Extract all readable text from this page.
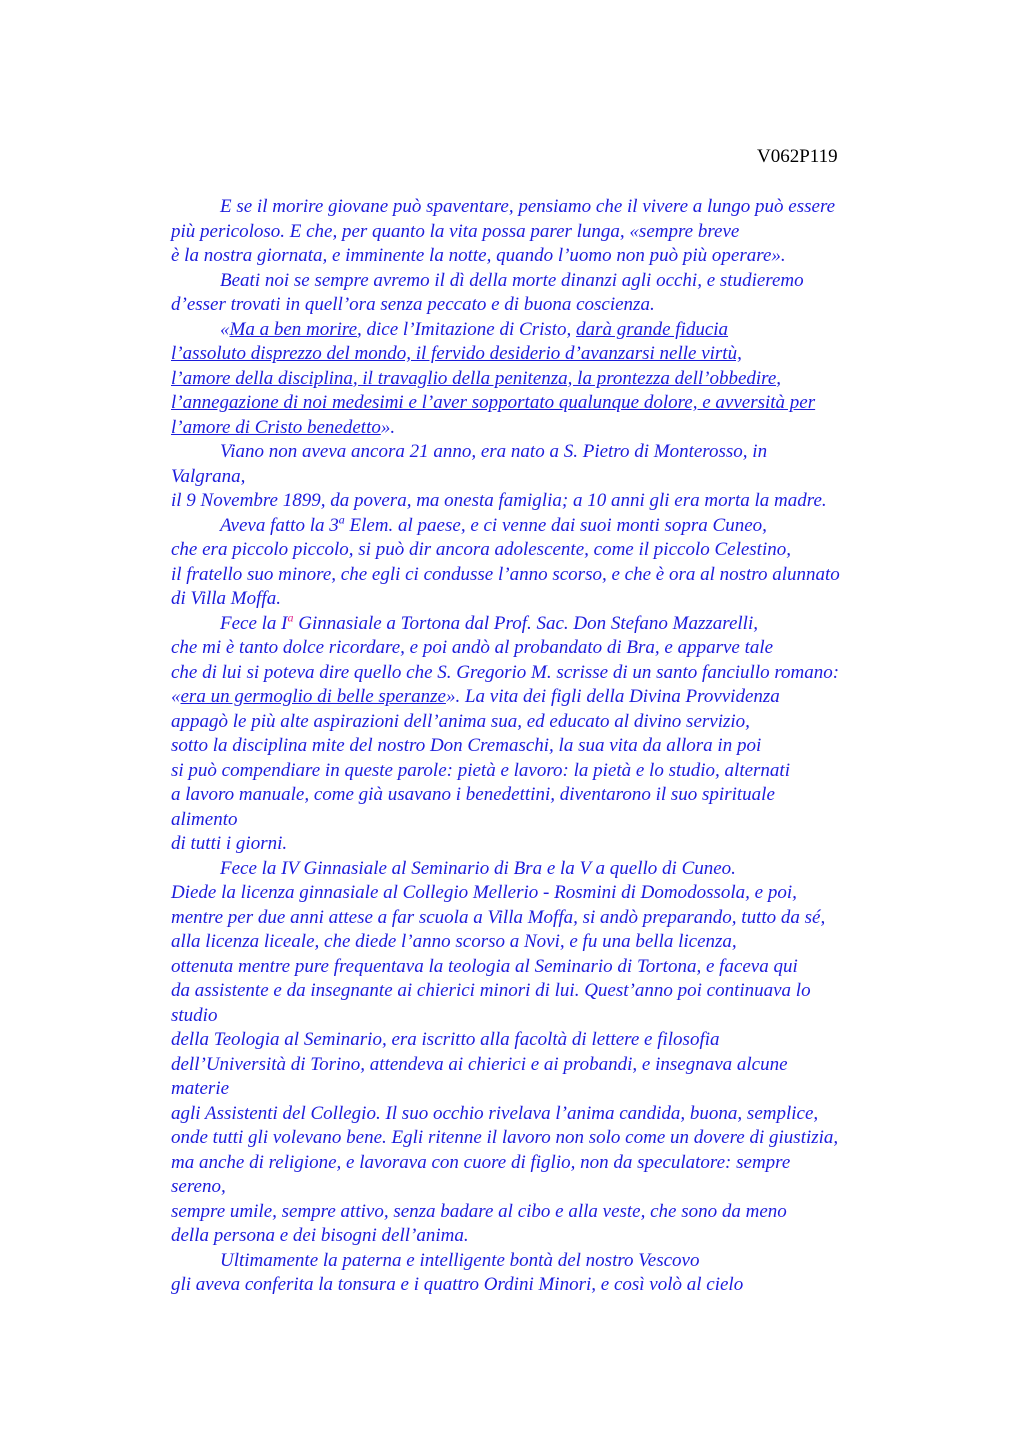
V062P119
E se il morire giovane può spaventare, pensiamo che il vivere a lungo può essere
più pericoloso. E che, per quanto la vita possa parer lunga, «sempre breve
è la nostra giornata, e imminente la notte, quando l’uomo non può più operare».
Beati noi se sempre avremo il dì della morte dinanzi agli occhi, e studieremo
d’esser trovati in quell’ora senza peccato e di buona coscienza.
«Ma a ben morire, dice l’Imitazione di Cristo, darà grande fiducia
l’assoluto disprezzo del mondo, il fervido desiderio d’avanzarsi nelle virtù,
l’amore della disciplina, il travaglio della penitenza, la prontezza dell’obbedire,
l’annegazione di noi medesimi e l’aver sopportato qualunque dolore, e avversità per
l’amore di Cristo benedetto».
Viano non aveva ancora 21 anno, era nato a S. Pietro di Monterosso, in
Valgrana,
il 9 Novembre 1899, da povera, ma onesta famiglia; a 10 anni gli era morta la madre.
Aveva fatto la 3$^a$ Elem. al paese, e ci venne dai suoi monti sopra Cuneo,
che era piccolo piccolo, si può dir ancora adolescente, come il piccolo Celestino,
il fratello suo minore, che egli ci condusse l’anno scorso, e che è ora al nostro alunnato
di Villa Moffa.
Fece la $I^a$ Ginnasiale a Tortona dal Prof. Sac. Don Stefano Mazzarelli,
che mi è tanto dolce ricordare, e poi andò al probandato di Bra, e apparve tale
che di lui si poteva dire quello che S. Gregorio M. scrisse di un santo fanciullo romano:
«era un germoglio di belle speranze». La vita dei figli della Divina Provvidenza
appagò le più alte aspirazioni dell’anima sua, ed educato al divino servizio,
sotto la disciplina mite del nostro Don Cremaschi, la sua vita da allora in poi
si può compendiare in queste parole: pietà e lavoro: la pietà e lo studio, alternati
a lavoro manuale, come già usavano i benedettini, diventarono il suo spirituale
alimento
di tutti i giorni.
Fece la IV Ginnasiale al Seminario di Bra e la V a quello di Cuneo.
Diede la licenza ginnasiale al Collegio Mellerio - Rosmini di Domodossola, e poi,
mentre per due anni attese a far scuola a Villa Moffa, si andò preparando, tutto da sé,
alla licenza liceale, che diede l’anno scorso a Novi, e fu una bella licenza,
ottenuta mentre pure frequentava la teologia al Seminario di Tortona, e faceva qui
da assistente e da insegnante ai chierici minori di lui. Quest’anno poi continuava lo
studio
della Teologia al Seminario, era iscritto alla facoltà di lettere e filosofia
dell’Università di Torino, attendeva ai chierici e ai probandi, e insegnava alcune
materie
agli Assistenti del Collegio. Il suo occhio rivelava l’anima candida, buona, semplice,
onde tutti gli volevano bene. Egli ritenne il lavoro non solo come un dovere di giustizia,
ma anche di religione, e lavorava con cuore di figlio, non da speculatore: sempre
sereno,
sempre umile, sempre attivo, senza badare al cibo e alla veste, che sono da meno
della persona e dei bisogni dell’anima.
Ultimamente la paterna e intelligente bontà del nostro Vescovo
gli aveva conferita la tonsura e i quattro Ordini Minori, e così volò al cielo
